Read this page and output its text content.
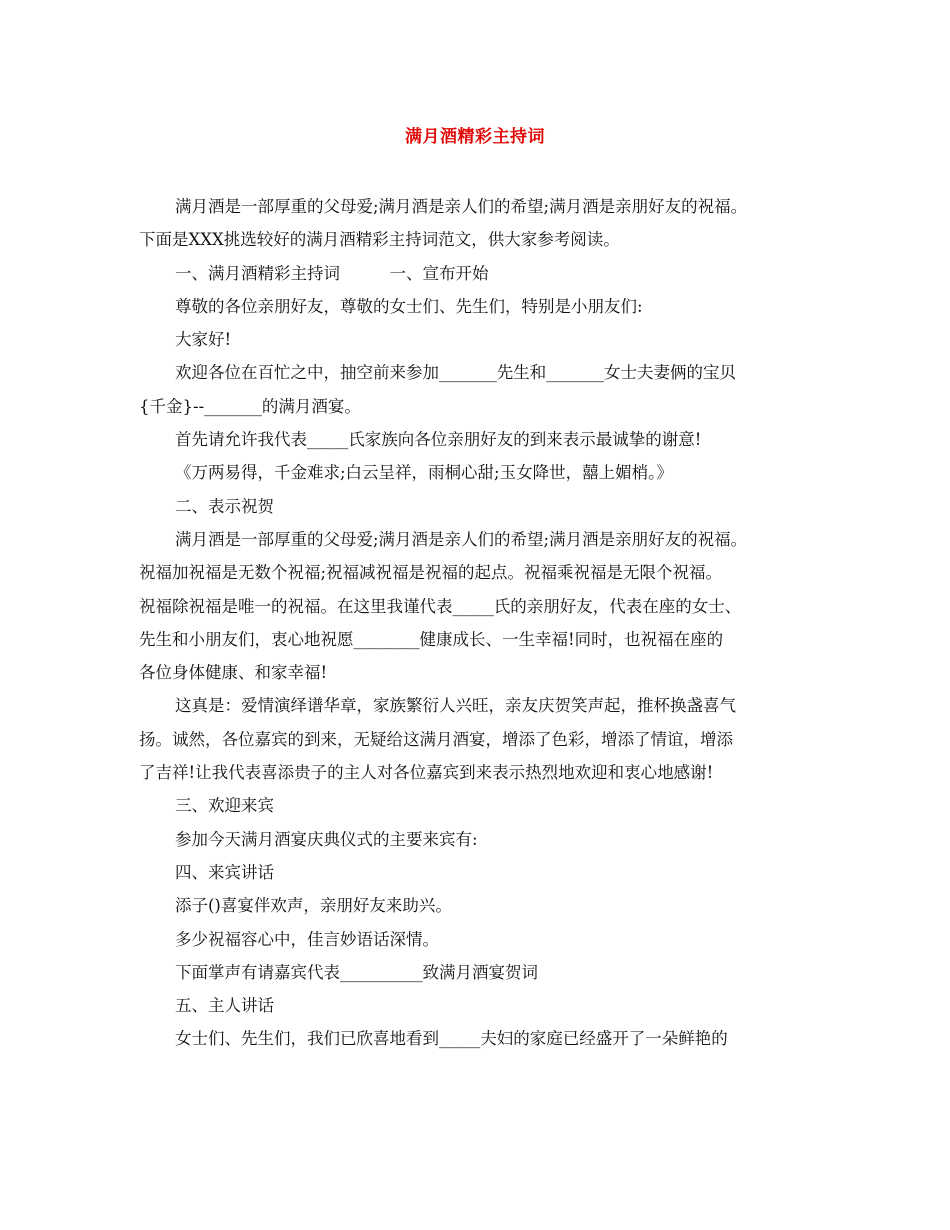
满月酒精彩主持词
满月酒是一部厚重的父母爱;满月酒是亲人们的希望;满月酒是亲朋好友的祝福。
下面是XXX挑选较好的满月酒精彩主持词范文，供大家参考阅读。
一、满月酒精彩主持词　　　一、宣布开始
尊敬的各位亲朋好友，尊敬的女士们、先生们，特别是小朋友们:
大家好!
欢迎各位在百忙之中，抽空前来参加_______先生和_______女士夫妻俩的宝贝
{千金}--_______的满月酒宴。
首先请允许我代表_____氏家族向各位亲朋好友的到来表示最诚挚的谢意!
《万两易得，千金难求;白云呈祥，雨桐心甜;玉女降世，囍上媚梢。》
二、表示祝贺
满月酒是一部厚重的父母爱;满月酒是亲人们的希望;满月酒是亲朋好友的祝福。
祝福加祝福是无数个祝福;祝福减祝福是祝福的起点。祝福乘祝福是无限个祝福。
祝福除祝福是唯一的祝福。在这里我谨代表_____氏的亲朋好友，代表在座的女士、
先生和小朋友们，衷心地祝愿________健康成长、一生幸福!同时，也祝福在座的
各位身体健康、和家幸福!
这真是：爱情演绎谱华章，家族繁衍人兴旺，亲友庆贺笑声起，推杯换盏喜气
扬。诚然，各位嘉宾的到来，无疑给这满月酒宴，增添了色彩，增添了情谊，增添
了吉祥!让我代表喜添贵子的主人对各位嘉宾到来表示热烈地欢迎和衷心地感谢!
三、欢迎来宾
参加今天满月酒宴庆典仪式的主要来宾有:
四、来宾讲话
添子()喜宴伴欢声，亲朋好友来助兴。
多少祝福容心中，佳言妙语话深情。
下面掌声有请嘉宾代表__________致满月酒宴贺词
五、主人讲话
女士们、先生们，我们已欣喜地看到_____夫妇的家庭已经盛开了一朵鲜艳的
